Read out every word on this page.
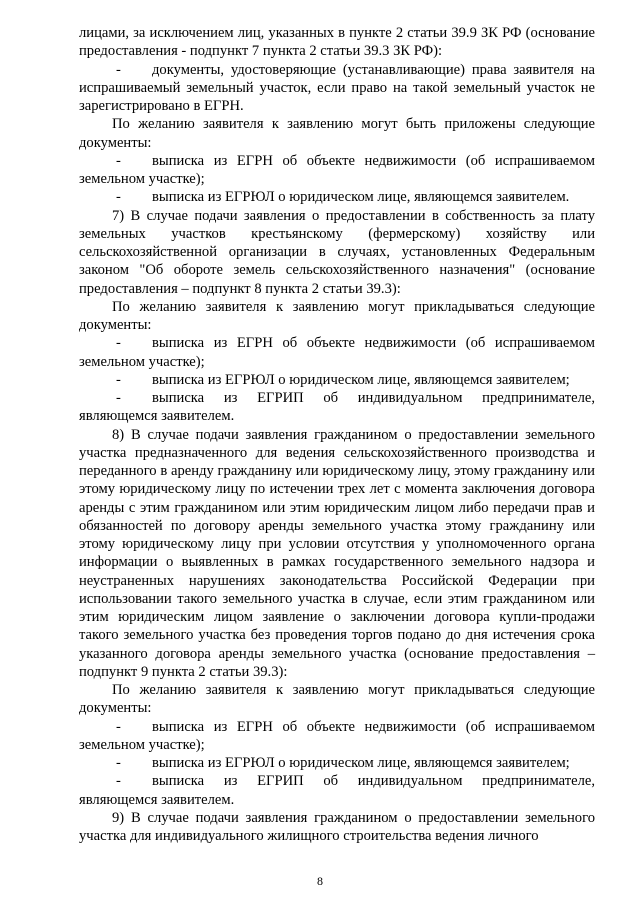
лицами, за исключением лиц, указанных в пункте 2 статьи 39.9 ЗК РФ (основание предоставления - подпункт 7 пункта 2 статьи 39.3 ЗК РФ):

- документы, удостоверяющие (устанавливающие) права заявителя на испрашиваемый земельный участок, если право на такой земельный участок не зарегистрировано в ЕГРН.

По желанию заявителя к заявлению могут быть приложены следующие документы:

- выписка из ЕГРН об объекте недвижимости (об испрашиваемом земельном участке);

- выписка из ЕГРЮЛ о юридическом лице, являющемся заявителем.

7) В случае подачи заявления о предоставлении в собственность за плату земельных участков крестьянскому (фермерскому) хозяйству или сельскохозяйственной организации в случаях, установленных Федеральным законом "Об обороте земель сельскохозяйственного назначения" (основание предоставления – подпункт 8 пункта 2 статьи 39.3):

По желанию заявителя к заявлению могут прикладываться следующие документы:

- выписка из ЕГРН об объекте недвижимости (об испрашиваемом земельном участке);

- выписка из ЕГРЮЛ о юридическом лице, являющемся заявителем;

- выписка из ЕГРИП об индивидуальном предпринимателе, являющемся заявителем.

8) В случае подачи заявления гражданином о предоставлении земельного участка предназначенного для ведения сельскохозяйственного производства и переданного в аренду гражданину или юридическому лицу, этому гражданину или этому юридическому лицу по истечении трех лет с момента заключения договора аренды с этим гражданином или этим юридическим лицом либо передачи прав и обязанностей по договору аренды земельного участка этому гражданину или этому юридическому лицу при условии отсутствия у уполномоченного органа информации о выявленных в рамках государственного земельного надзора и неустраненных нарушениях законодательства Российской Федерации при использовании такого земельного участка в случае, если этим гражданином или этим юридическим лицом заявление о заключении договора купли-продажи такого земельного участка без проведения торгов подано до дня истечения срока указанного договора аренды земельного участка (основание предоставления – подпункт 9 пункта 2 статьи 39.3):

По желанию заявителя к заявлению могут прикладываться следующие документы:

- выписка из ЕГРН об объекте недвижимости (об испрашиваемом земельном участке);

- выписка из ЕГРЮЛ о юридическом лице, являющемся заявителем;

- выписка из ЕГРИП об индивидуальном предпринимателе, являющемся заявителем.

9) В случае подачи заявления гражданином о предоставлении земельного участка для индивидуального жилищного строительства ведения личного

8
